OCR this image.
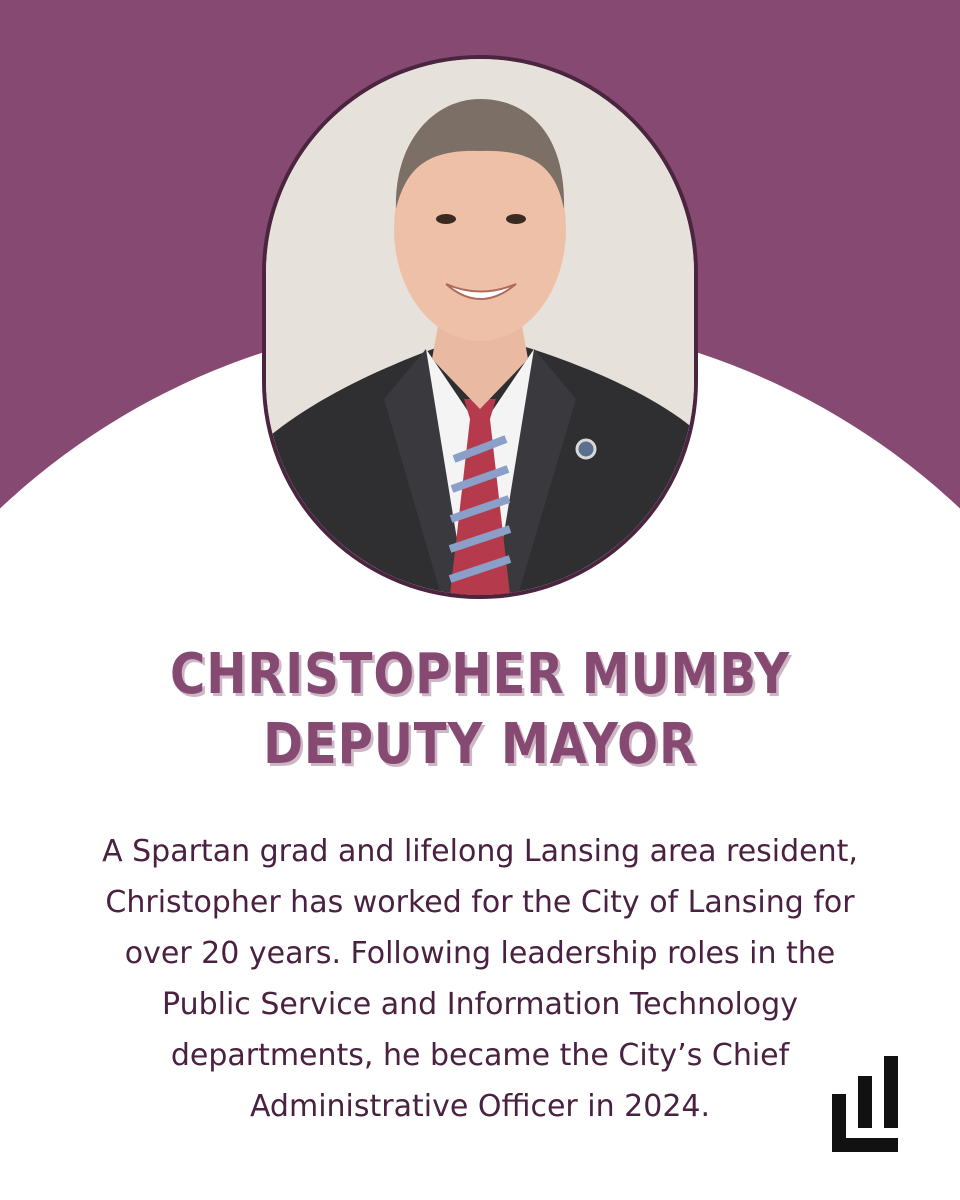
CHRISTOPHER MUMBY
DEPUTY MAYOR
A Spartan grad and lifelong Lansing area resident, Christopher has worked for the City of Lansing for over 20 years. Following leadership roles in the Public Service and Information Technology departments, he became the City’s Chief Administrative Officer in 2024.
